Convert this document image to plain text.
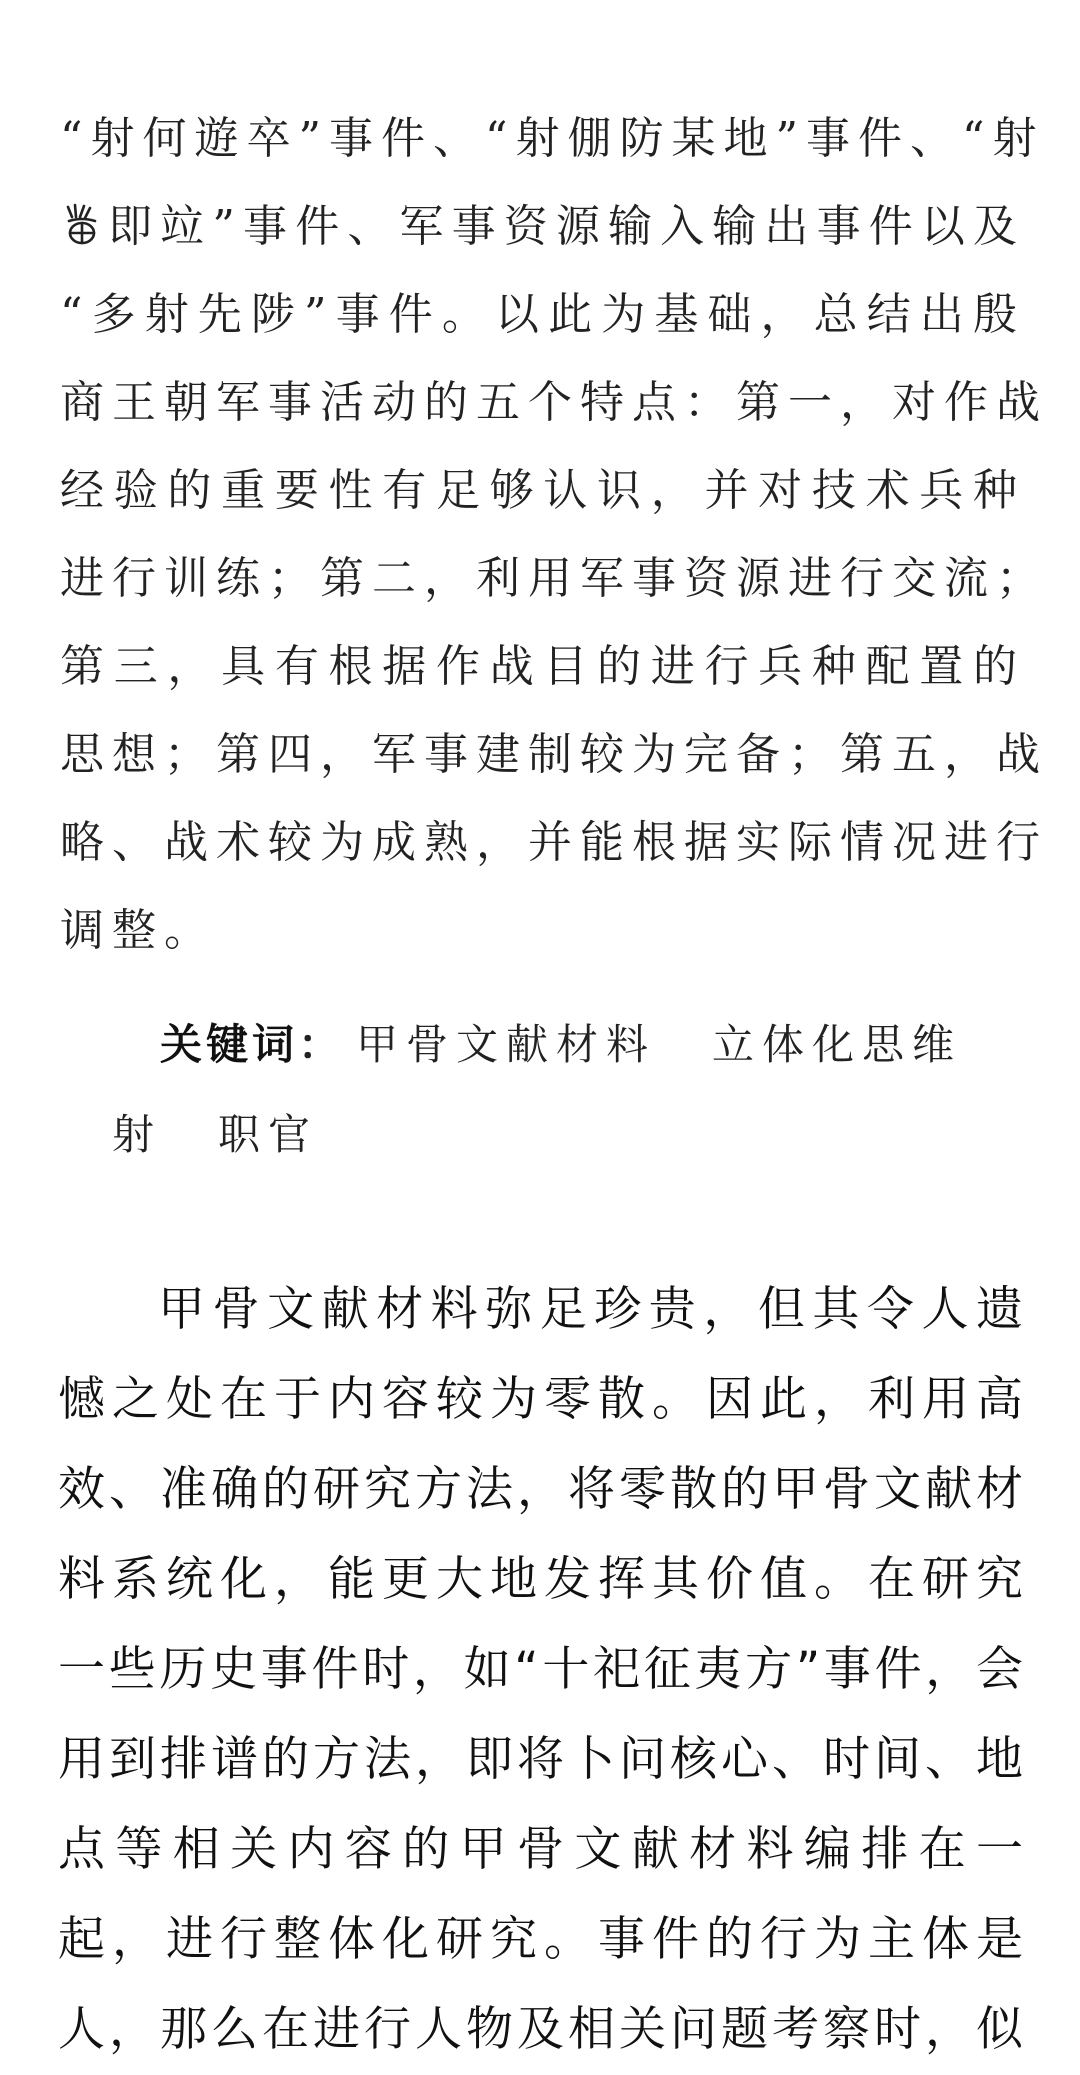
“射何遊卒”事件、“射倗防某地”事件、“射
即竝”事件、军事资源输入输出事件以及
“多射先陟”事件。以此为基础，总结出殷
商王朝军事活动的五个特点：第一，对作战
经验的重要性有足够认识，并对技术兵种
进行训练；第二，利用军事资源进行交流；
第三，具有根据作战目的进行兵种配置的
思想；第四，军事建制较为完备；第五，战
略、战术较为成熟，并能根据实际情况进行
调整。
关键词： 甲骨文献材料 立体化思维
射 职官
甲骨文献材料弥足珍贵，但其令人遗
憾之处在于内容较为零散。因此，利用高
效、准确的研究方法，将零散的甲骨文献材
料系统化，能更大地发挥其价值。在研究
一些历史事件时，如“十祀征夷方”事件，会
用到排谱的方法，即将卜问核心、时间、地
点等相关内容的甲骨文献材料编排在一
起，进行整体化研究。事件的行为主体是
人，那么在进行人物及相关问题考察时，似
